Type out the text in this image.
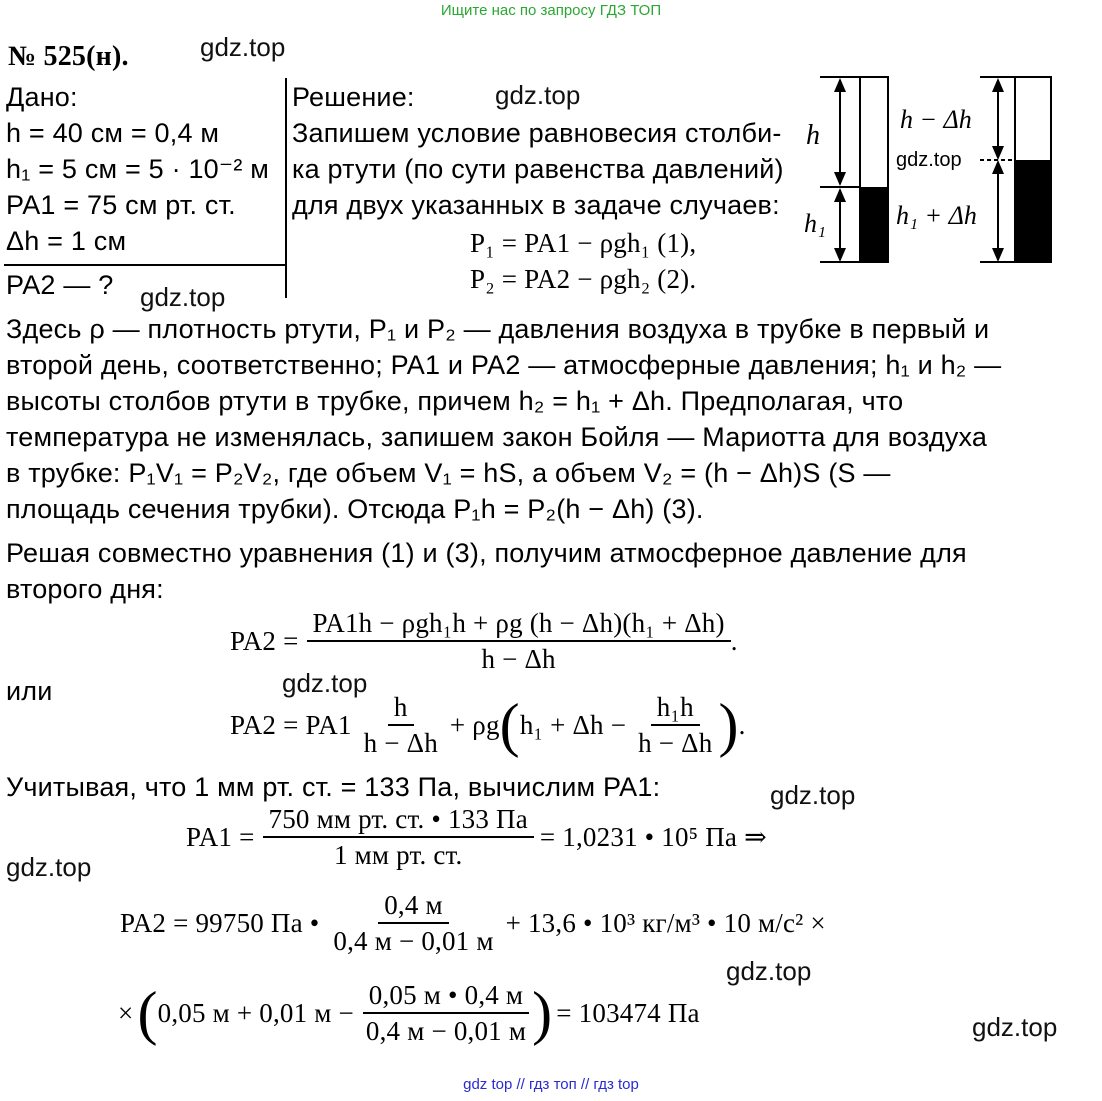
Ищите нас по запросу ГДЗ ТОП
№ 525(н).	gdz.top
Дано:
h = 40 см = 0,4 м
h₁ = 5 см = 5 · 10⁻² м
PA1 = 75 см рт. ст.
Δh = 1 см
PA2 — ? gdz.top
Решение:	gdz.top
Запишем условие равновесия столби-
ка ртути (по сути равенства давлений)
для двух указанных в задаче случаев:
P₁ = PA1 − ρgh₁ (1),
P₂ = PA2 − ρgh₂ (2).
h
h₁
h − Δh
h₁ + Δh
gdz.top
Здесь ρ — плотность ртути, P₁ и P₂ — давления воздуха в трубке в первый и
второй день, соответственно; PA1 и PA2 — атмосферные давления; h₁ и h₂ —
высоты столбов ртути в трубке, причем h₂ = h₁ + Δh. Предполагая, что
температура не изменялась, запишем закон Бойля — Мариотта для воздуха
в трубке: P₁V₁ = P₂V₂, где объем V₁ = hS, а объем V₂ = (h − Δh)S (S —
площадь сечения трубки). Отсюда P₁h = P₂(h − Δh) (3).
Решая совместно уравнения (1) и (3), получим атмосферное давление для
второго дня:
$PA2 = \frac{\text{PA1h − ρgh₁h + ρg (h − Δh)(h₁ + Δh)}}{h - \Delta h}$ .
или	gdz.top
$PA2 = PA1 \frac{h}{h - \Delta h} + \rho g$ ( $h_1 + \Delta h - \frac{\text{h₁h}}{h - \Delta h}$ ) .
Учитывая, что 1 мм рт. ст. = 133 Па, вычислим PA1:	gdz.top
$PA1 = \frac{\text{750 мм рт. ст. • 133 Па}}{\text{1 мм рт. ст.}} = 1,0231$ • 10⁵ Па ⇒
gdz.top
PA2 = 99750 Па • $\frac{0,4 м}{0,4 м - 0,01 м} + 13,6$ • 10³ кг/м³ • 10 м/с² ×
gdz.top
× ( 0,05 м + 0,01 $м - \frac{0,05 м • 0,4 м}{0,4 м - 0,01 м}$ ) = 103474 Па	gdz.top
gdz top // гдз топ // гдз top
